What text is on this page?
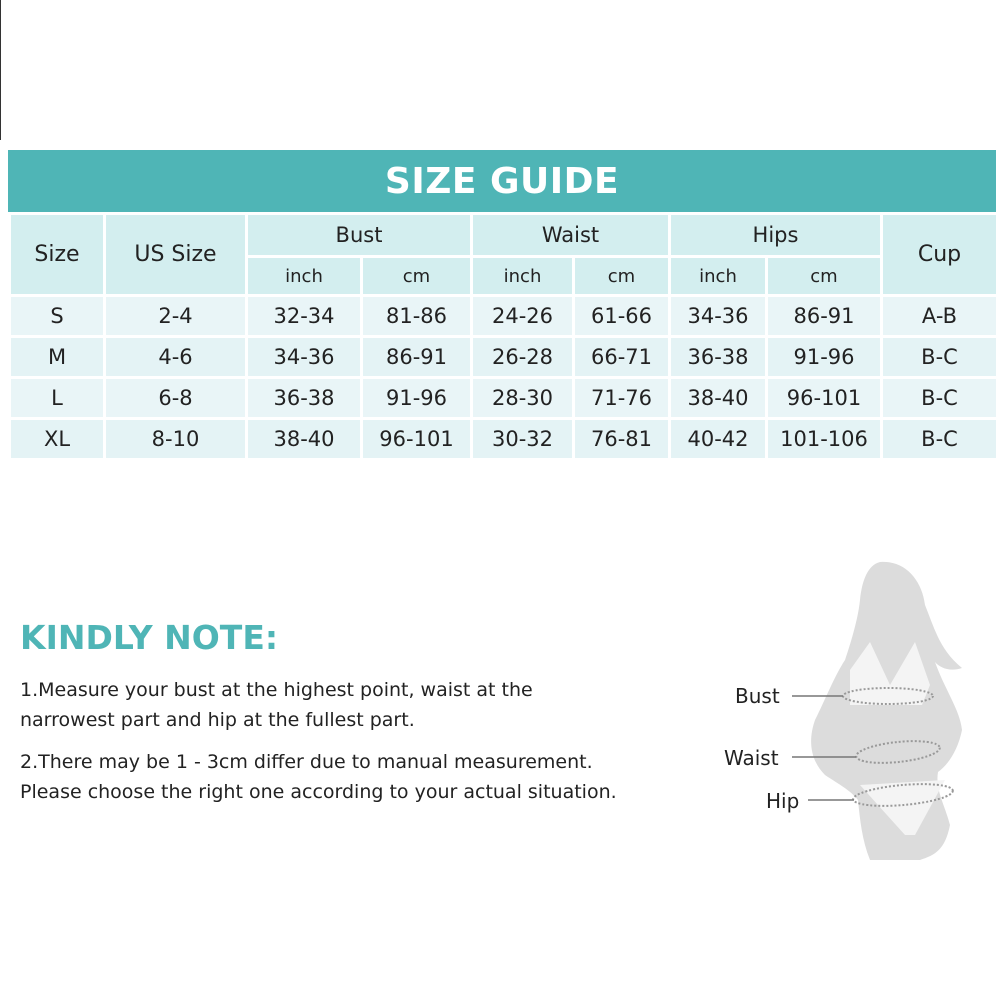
SIZE GUIDE
Size	US Size	Bust		Waist		Hips		Cup
		inch	cm	inch	cm	inch	cm	
S	2-4	32-34	81-86	24-26	61-66	34-36	86-91	A-B
M	4-6	34-36	86-91	26-28	66-71	36-38	91-96	B-C
L	6-8	36-38	91-96	28-30	71-76	38-40	96-101	B-C
XL	8-10	38-40	96-101	30-32	76-81	40-42	101-106	B-C
KINDLY NOTE:
1.Measure your bust at the highest point, waist at the
narrowest part and hip at the fullest part.
2.There may be 1 - 3cm differ due to manual measurement.
Please choose the right one according to your actual situation.
Bust
Waist
Hip
